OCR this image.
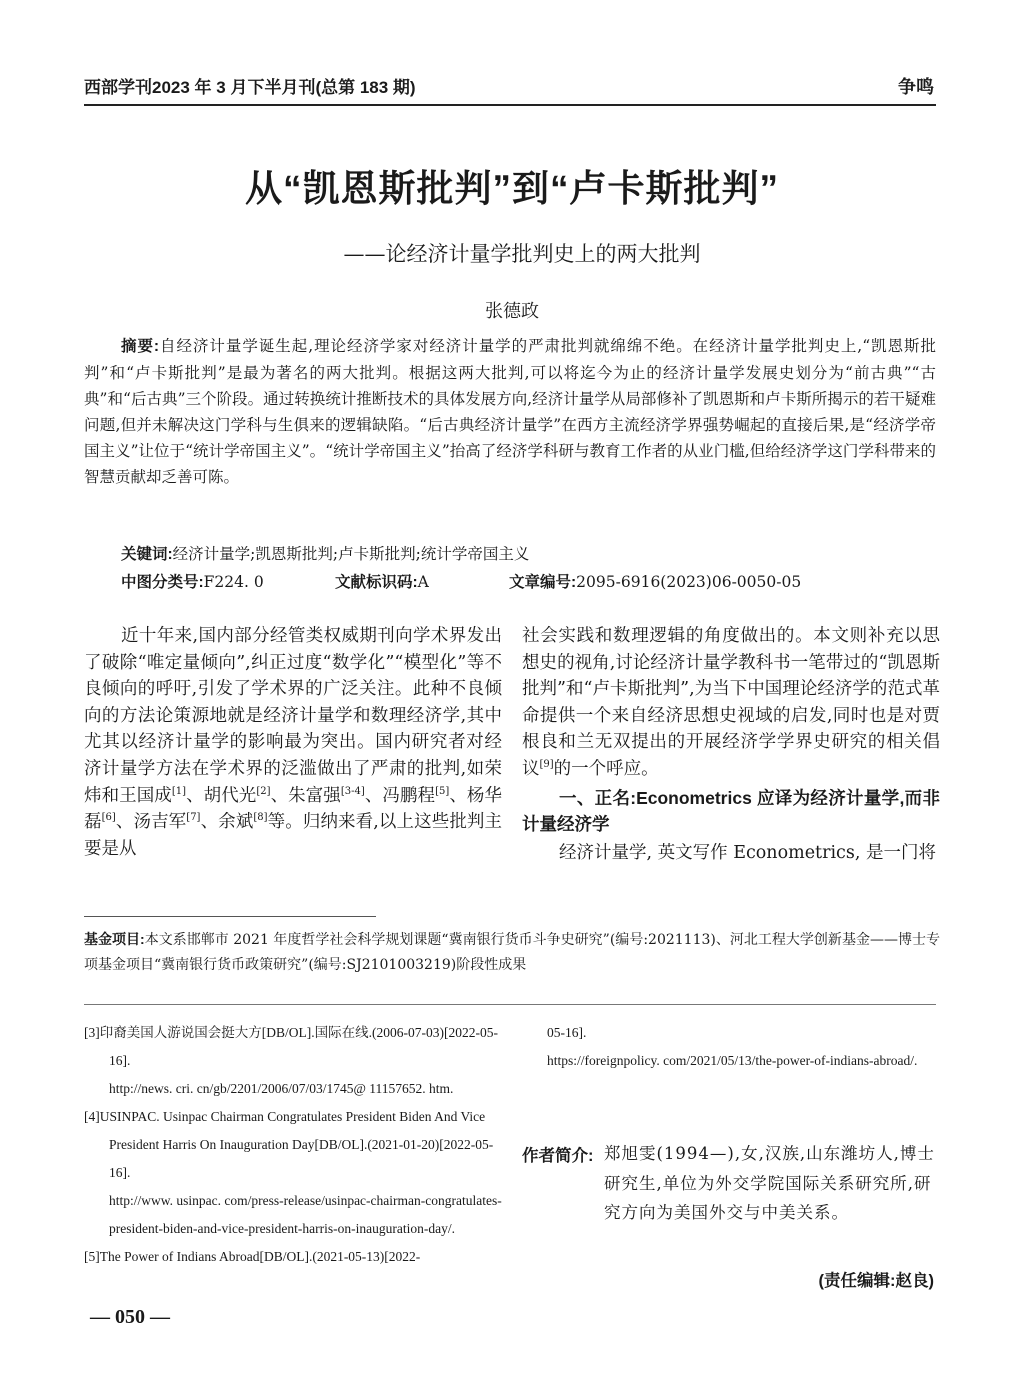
西部学刊2023 年 3 月下半月刊(总第 183 期)	争鸣
从“凯恩斯批判”到“卢卡斯批判”
——论经济计量学批判史上的两大批判
张德政
摘要:自经济计量学诞生起,理论经济学家对经济计量学的严肃批判就绵绵不绝。在经济计量学批判史上,“凯恩斯批判”和“卢卡斯批判”是最为著名的两大批判。根据这两大批判,可以将迄今为止的经济计量学发展史划分为“前古典”“古典”和“后古典”三个阶段。通过转换统计推断技术的具体发展方向,经济计量学从局部修补了凯恩斯和卢卡斯所揭示的若干疑难问题,但并未解决这门学科与生俱来的逻辑缺陷。“后古典经济计量学”在西方主流经济学界强势崛起的直接后果,是“经济学帝国主义”让位于“统计学帝国主义”。“统计学帝国主义”抬高了经济学科研与教育工作者的从业门槛,但给经济学这门学科带来的智慧贡献却乏善可陈。
关键词:经济计量学;凯恩斯批判;卢卡斯批判;统计学帝国主义
中图分类号:F224. 0	文献标识码:A	文章编号:2095-6916(2023)06-0050-05
近十年来,国内部分经管类权威期刊向学术界发出了破除“唯定量倾向”,纠正过度“数学化”“模型化”等不良倾向的呼吁,引发了学术界的广泛关注。此种不良倾向的方法论策源地就是经济计量学和数理经济学,其中尤其以经济计量学的影响最为突出。国内研究者对经济计量学方法在学术界的泛滥做出了严肃的批判,如荣炜和王国成[1]、胡代光[2]、朱富强[3-4]、冯鹏程[5]、杨华磊[6]、汤吉军[7]、余斌[8]等。归纳来看,以上这些批判主要是从

社会实践和数理逻辑的角度做出的。本文则补充以思想史的视角,讨论经济计量学教科书一笔带过的“凯恩斯批判”和“卢卡斯批判”,为当下中国理论经济学的范式革命提供一个来自经济思想史视域的启发,同时也是对贾根良和兰无双提出的开展经济学学界史研究的相关倡议[9]的一个呼应。

一、正名:Econometrics 应译为经济计量学,而非计量经济学

经济计量学, 英文写作 Econometrics, 是一门将

基金项目:本文系邯郸市 2021 年度哲学社会科学规划课题“冀南银行货币斗争史研究”(编号:2021113)、河北工程大学创新基金——博士专项基金项目“冀南银行货币政策研究”(编号:SJ2101003219)阶段性成果

[3]印裔美国人游说国会挺大方[DB/OL].国际在线.(2006-07-03)[2022-05-16].

http://news. cri. cn/gb/2201/2006/07/03/1745@ 11157652. htm.

[4]USINPAC. Usinpac Chairman Congratulates President Biden And Vice President Harris On Inauguration Day[DB/OL].(2021-01-20)[2022-05-16].

http://www. usinpac. com/press-release/usinpac-chairman-congratulates-president-biden-and-vice-president-harris-on-inauguration-day/.

[5]The Power of Indians Abroad[DB/OL].(2021-05-13)[2022-

05-16].

https://foreignpolicy. com/2021/05/13/the-power-of-indians-abroad/.

作者简介: 郑旭雯(1994—),女,汉族,山东潍坊人,博士研究生,单位为外交学院国际关系研究所,研究方向为美国外交与中美关系。
(责任编辑:赵良)
— 050 —
